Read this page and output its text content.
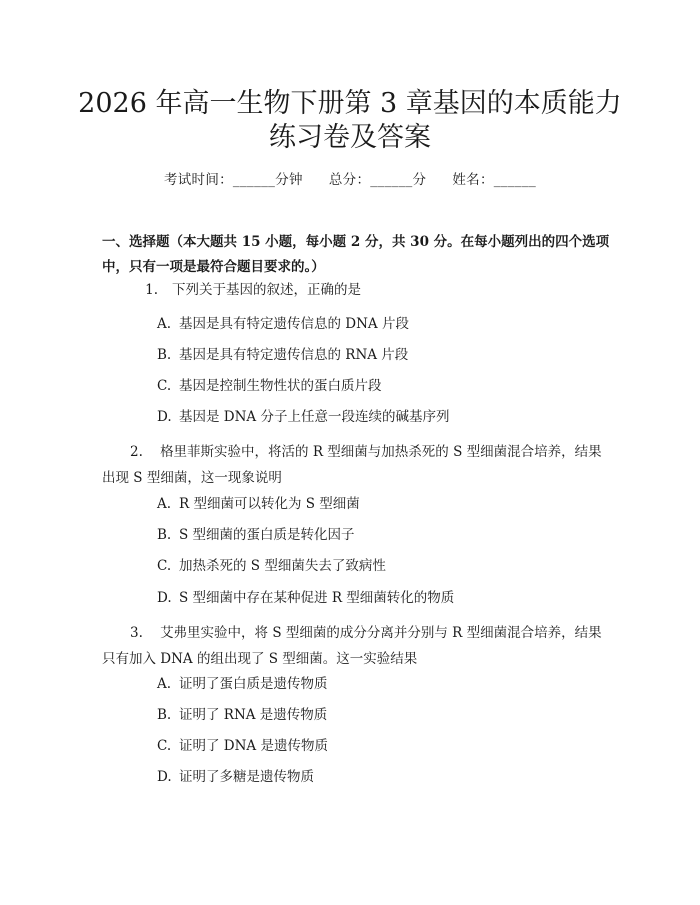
2026 年高一生物下册第 3 章基因的本质能力
练习卷及答案
考试时间：______分钟 总分：______分 姓名：______

一、选择题（本大题共 15 小题，每小题 2 分，共 30 分。在每小题列出的四个选项中，只有一项是最符合题目要求的。）

1. 下列关于基因的叙述，正确的是
A. 基因是具有特定遗传信息的 DNA 片段
B. 基因是具有特定遗传信息的 RNA 片段
C. 基因是控制生物性状的蛋白质片段
D. 基因是 DNA 分子上任意一段连续的碱基序列
2. 格里菲斯实验中，将活的 R 型细菌与加热杀死的 S 型细菌混合培养，结果出现 S 型细菌，这一现象说明
A. R 型细菌可以转化为 S 型细菌
B. S 型细菌的蛋白质是转化因子
C. 加热杀死的 S 型细菌失去了致病性
D. S 型细菌中存在某种促进 R 型细菌转化的物质
3. 艾弗里实验中，将 S 型细菌的成分分离并分别与 R 型细菌混合培养，结果只有加入 DNA 的组出现了 S 型细菌。这一实验结果
A. 证明了蛋白质是遗传物质
B. 证明了 RNA 是遗传物质
C. 证明了 DNA 是遗传物质
D. 证明了多糖是遗传物质
